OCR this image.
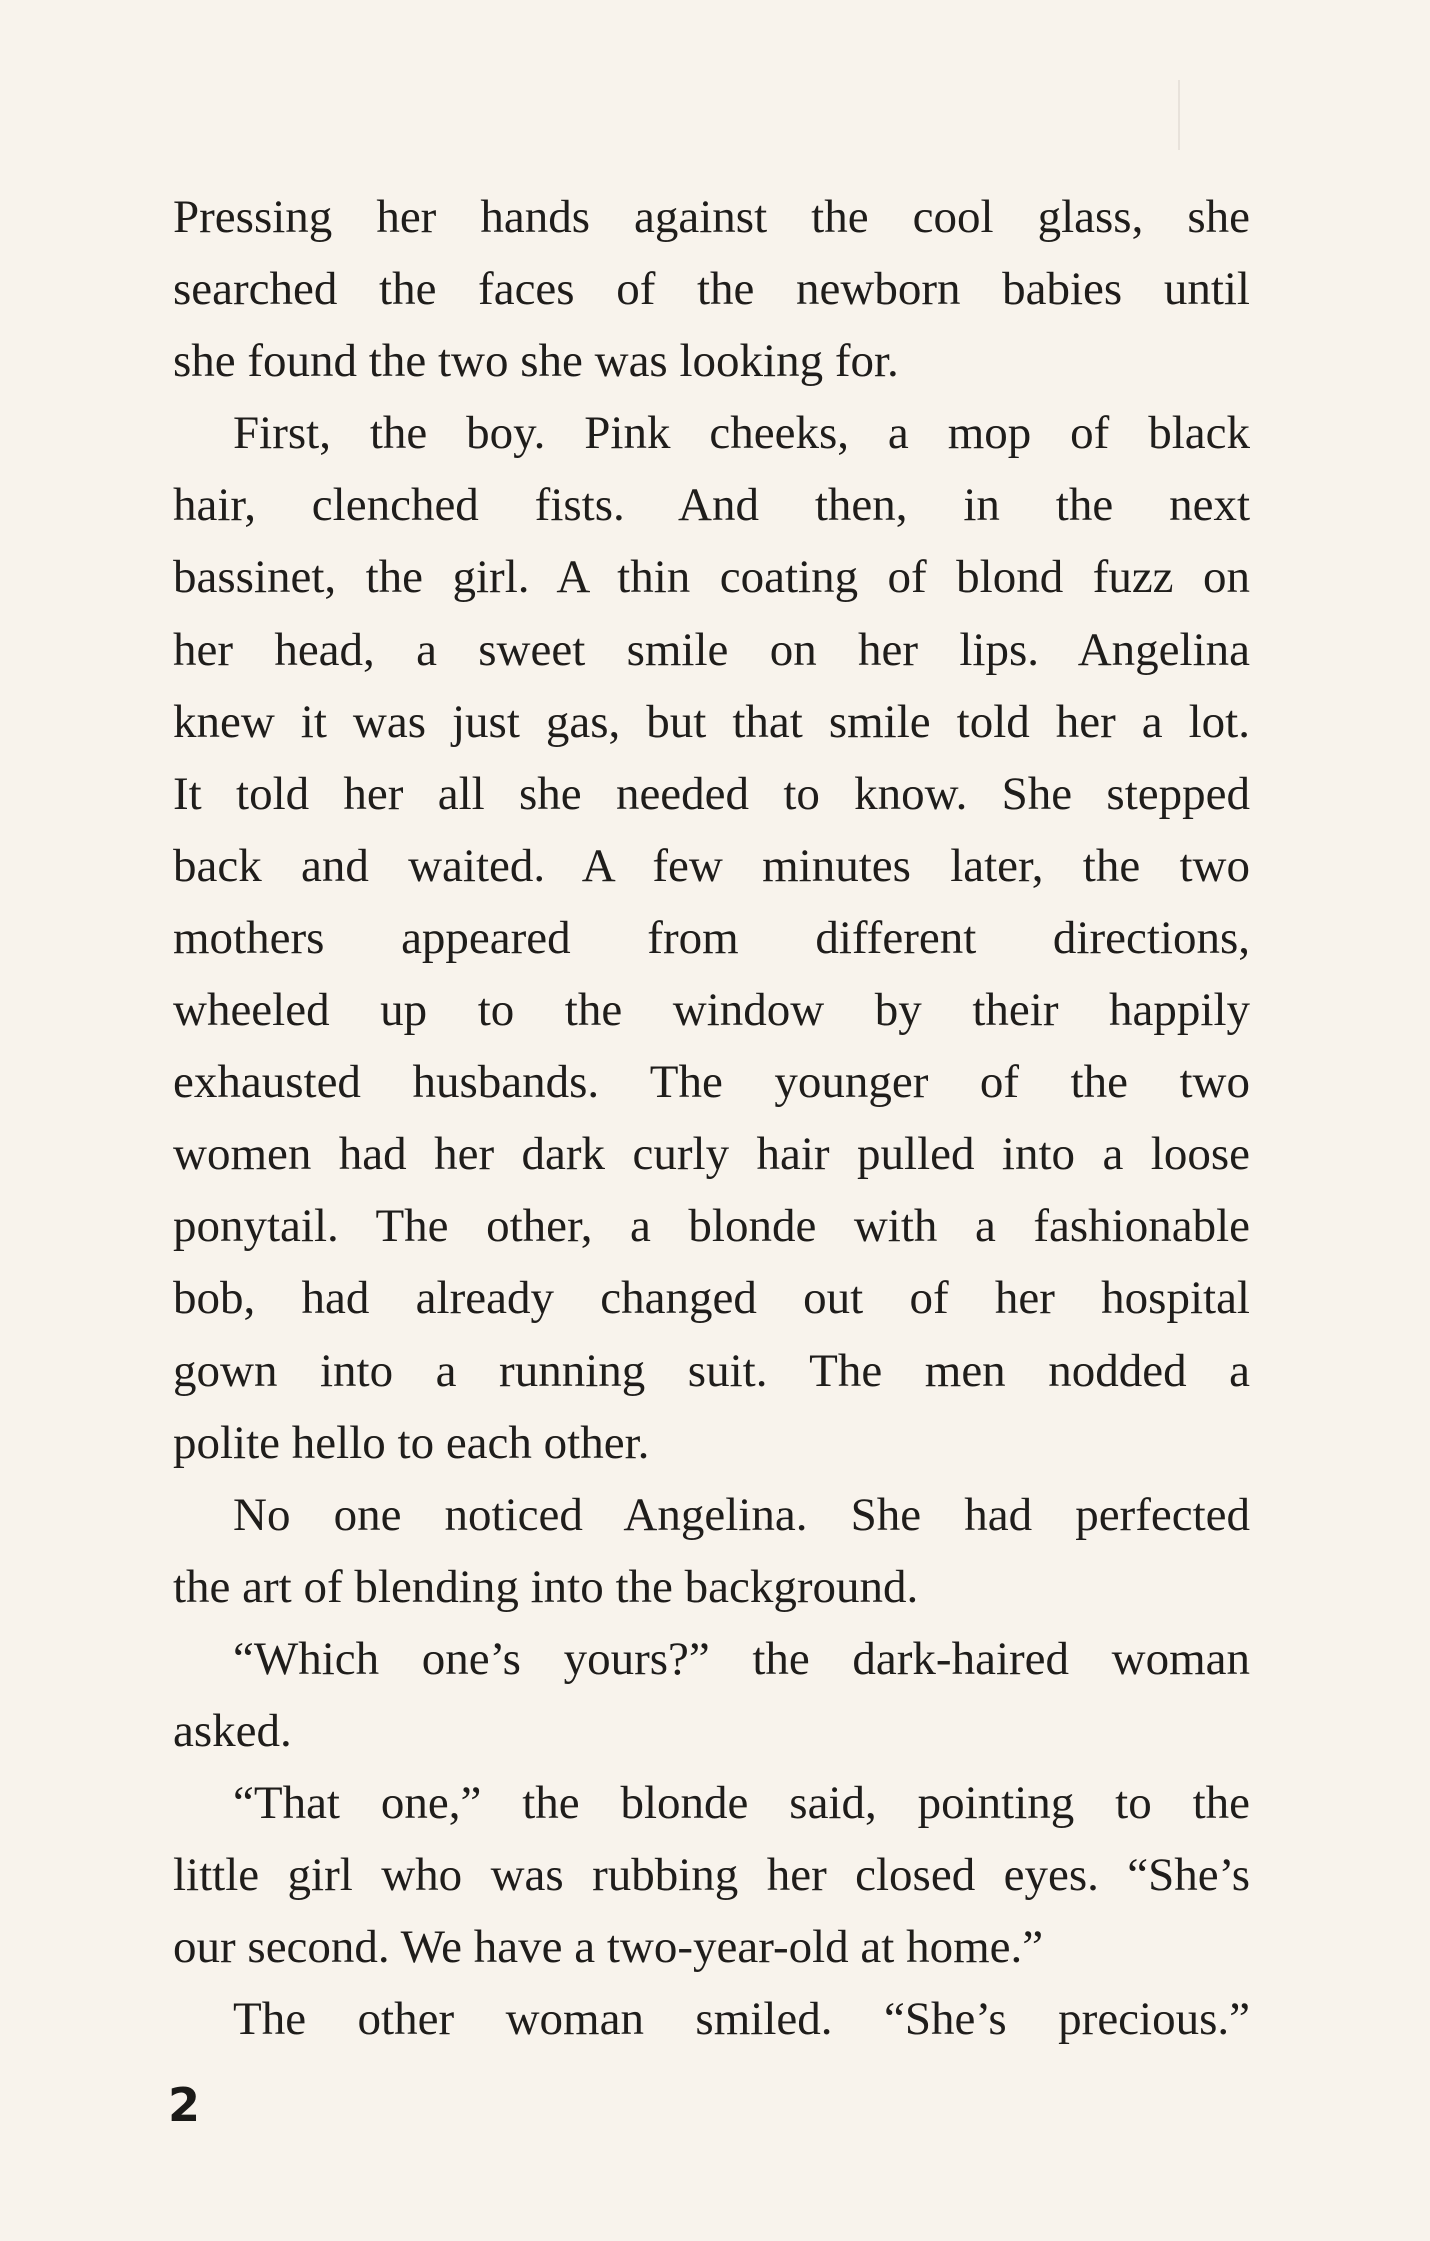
Pressing her hands against the cool glass, she
searched the faces of the newborn babies until
she found the two she was looking for.
First, the boy. Pink cheeks, a mop of black
hair, clenched fists. And then, in the next
bassinet, the girl. A thin coating of blond fuzz on
her head, a sweet smile on her lips. Angelina
knew it was just gas, but that smile told her a lot.
It told her all she needed to know. She stepped
back and waited. A few minutes later, the two
mothers appeared from different directions,
wheeled up to the window by their happily
exhausted husbands. The younger of the two
women had her dark curly hair pulled into a loose
ponytail. The other, a blonde with a fashionable
bob, had already changed out of her hospital
gown into a running suit. The men nodded a
polite hello to each other.
No one noticed Angelina. She had perfected
the art of blending into the background.
“Which one’s yours?” the dark-haired woman
asked.
“That one,” the blonde said, pointing to the
little girl who was rubbing her closed eyes. “She’s
our second. We have a two-year-old at home.”
The other woman smiled. “She’s precious.”
2
